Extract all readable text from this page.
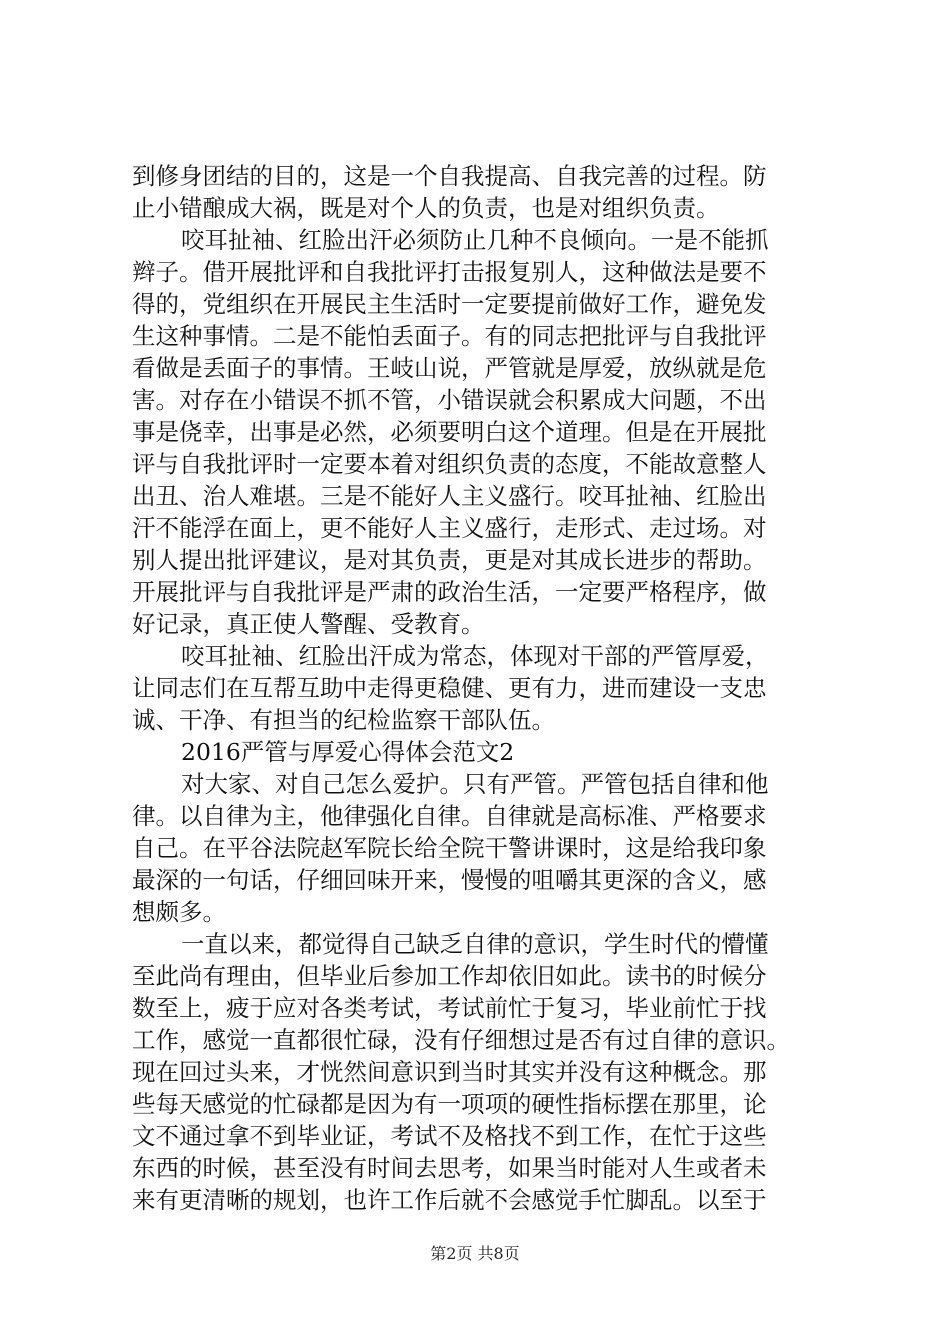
到修身团结的目的，这是一个自我提高、自我完善的过程。防
止小错酿成大祸，既是对个人的负责，也是对组织负责。
咬耳扯袖、红脸出汗必须防止几种不良倾向。一是不能抓
辫子。借开展批评和自我批评打击报复别人，这种做法是要不
得的，党组织在开展民主生活时一定要提前做好工作，避免发
生这种事情。二是不能怕丢面子。有的同志把批评与自我批评
看做是丢面子的事情。王岐山说，严管就是厚爱，放纵就是危
害。对存在小错误不抓不管，小错误就会积累成大问题，不出
事是侥幸，出事是必然，必须要明白这个道理。但是在开展批
评与自我批评时一定要本着对组织负责的态度，不能故意整人
出丑、治人难堪。三是不能好人主义盛行。咬耳扯袖、红脸出
汗不能浮在面上，更不能好人主义盛行，走形式、走过场。对
别人提出批评建议，是对其负责，更是对其成长进步的帮助。
开展批评与自我批评是严肃的政治生活，一定要严格程序，做
好记录，真正使人警醒、受教育。
咬耳扯袖、红脸出汗成为常态，体现对干部的严管厚爱，
让同志们在互帮互助中走得更稳健、更有力，进而建设一支忠
诚、干净、有担当的纪检监察干部队伍。
2016严管与厚爱心得体会范文2
对大家、对自己怎么爱护。只有严管。严管包括自律和他
律。以自律为主，他律强化自律。自律就是高标准、严格要求
自己。在平谷法院赵军院长给全院干警讲课时，这是给我印象
最深的一句话，仔细回味开来，慢慢的咀嚼其更深的含义，感
想颇多。
一直以来，都觉得自己缺乏自律的意识，学生时代的懵懂
至此尚有理由，但毕业后参加工作却依旧如此。读书的时候分
数至上，疲于应对各类考试，考试前忙于复习，毕业前忙于找
工作，感觉一直都很忙碌，没有仔细想过是否有过自律的意识。
现在回过头来，才恍然间意识到当时其实并没有这种概念。那
些每天感觉的忙碌都是因为有一项项的硬性指标摆在那里，论
文不通过拿不到毕业证，考试不及格找不到工作，在忙于这些
东西的时候，甚至没有时间去思考，如果当时能对人生或者未
来有更清晰的规划，也许工作后就不会感觉手忙脚乱。以至于
第2页 共8页
